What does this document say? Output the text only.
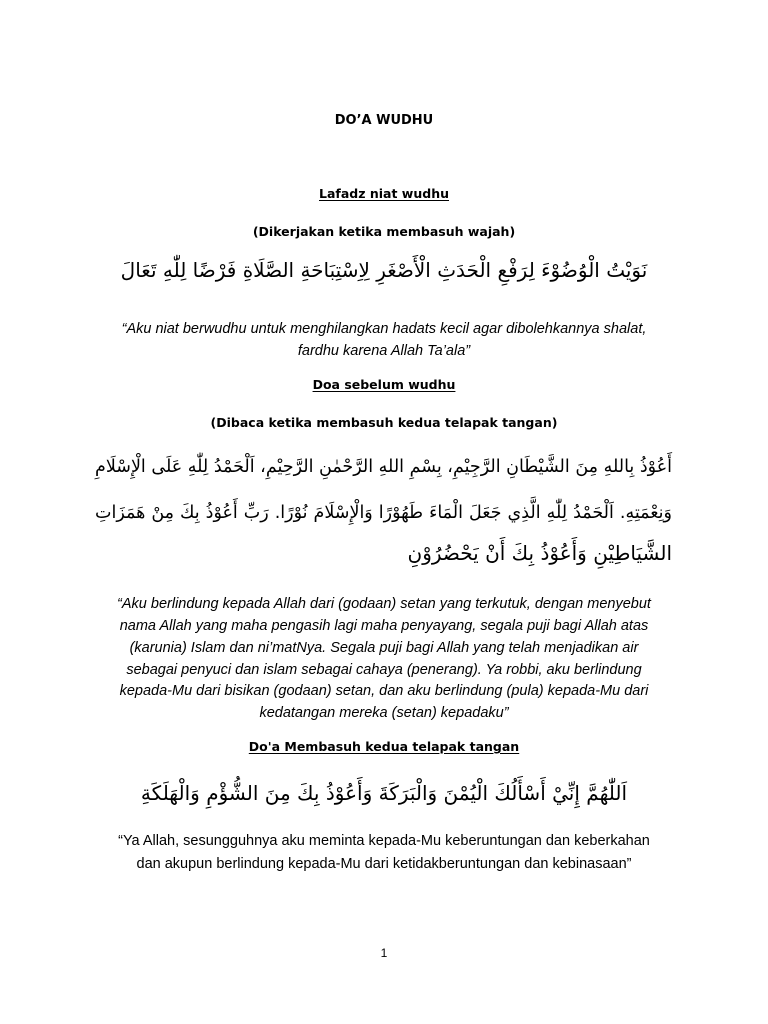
DO’A WUDHU
Lafadz niat wudhu
(Dikerjakan ketika membasuh wajah)
نَوَيْتُ الْوُضُوْءَ لِرَفْعِ الْحَدَثِ الْأَصْغَرِ لِاِسْتِبَاحَةِ الصَّلَاةِ فَرْضًا لِلّٰهِ تَعَالَ
“Aku niat berwudhu untuk menghilangkan hadats kecil agar dibolehkannya shalat,
fardhu karena Allah Ta’ala”
Doa sebelum wudhu
(Dibaca ketika membasuh kedua telapak tangan)
أَعُوْذُ بِاللهِ مِنَ الشَّيْطَانِ الرَّجِيْمِ، بِسْمِ اللهِ الرَّحْمٰنِ الرَّحِيْمِ، اَلْحَمْدُ لِلّٰهِ عَلَى الْإِسْلَامِ
وَنِعْمَتِهِ. اَلْحَمْدُ لِلّٰهِ الَّذِي جَعَلَ الْمَاءَ طَهُوْرًا وَالْإِسْلَامَ نُوْرًا. رَبِّ أَعُوْذُ بِكَ مِنْ هَمَزَاتِ
الشَّيَاطِيْنِ وَأَعُوْذُ بِكَ أَنْ يَحْضُرُوْنِ
“Aku berlindung kepada Allah dari (godaan) setan yang terkutuk, dengan menyebut
nama Allah yang maha pengasih lagi maha penyayang, segala puji bagi Allah atas
(karunia) Islam dan ni’matNya. Segala puji bagi Allah yang telah menjadikan air
sebagai penyuci dan islam sebagai cahaya (penerang). Ya robbi, aku berlindung
kepada-Mu dari bisikan (godaan) setan, dan aku berlindung (pula) kepada-Mu dari
kedatangan mereka (setan) kepadaku”
Do'a Membasuh kedua telapak tangan
اَللّٰهُمَّ إِنِّيْ أَسْأَلُكَ الْيُمْنَ وَالْبَرَكَةَ وَأَعُوْذُ بِكَ مِنَ الشُّؤْمِ وَالْهَلَكَةِ
“Ya Allah, sesungguhnya aku meminta kepada-Mu keberuntungan dan keberkahan
dan akupun berlindung kepada-Mu dari ketidakberuntungan dan kebinasaan”
1
